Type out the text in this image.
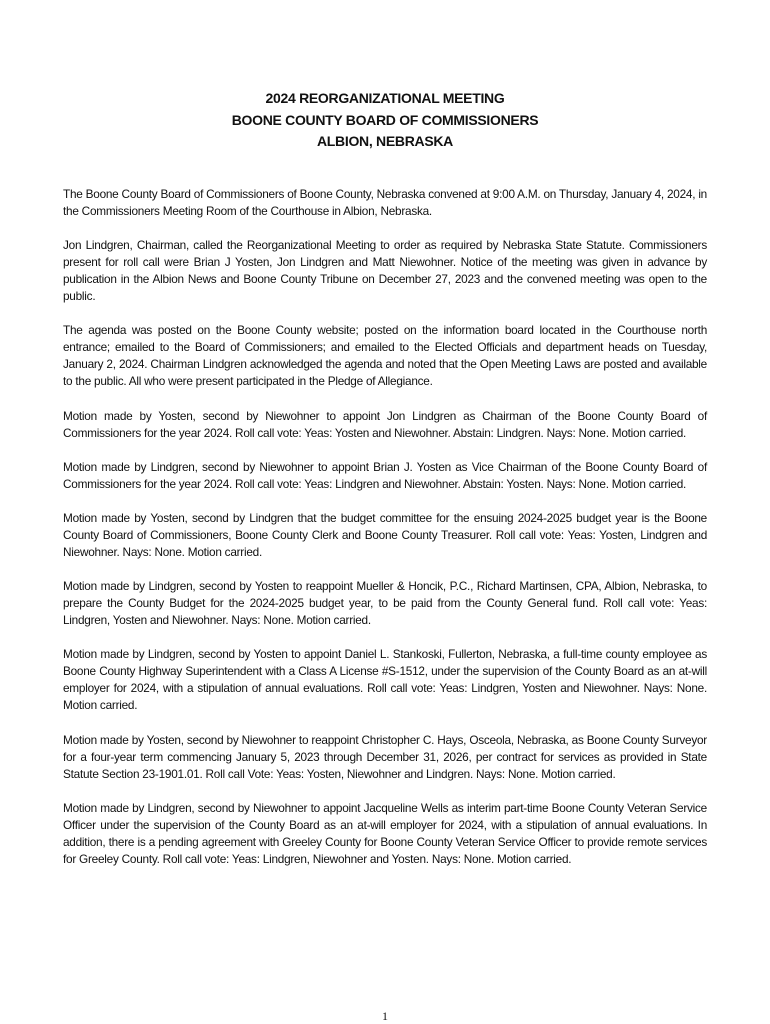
2024 REORGANIZATIONAL MEETING
BOONE COUNTY BOARD OF COMMISSIONERS
ALBION, NEBRASKA

The Boone County Board of Commissioners of Boone County, Nebraska convened at 9:00 A.M. on Thursday, January 4, 2024, in the Commissioners Meeting Room of the Courthouse in Albion, Nebraska.

Jon Lindgren, Chairman, called the Reorganizational Meeting to order as required by Nebraska State Statute. Commissioners present for roll call were Brian J Yosten, Jon Lindgren and Matt Niewohner. Notice of the meeting was given in advance by publication in the Albion News and Boone County Tribune on December 27, 2023 and the convened meeting was open to the public.

The agenda was posted on the Boone County website; posted on the information board located in the Courthouse north entrance; emailed to the Board of Commissioners; and emailed to the Elected Officials and department heads on Tuesday, January 2, 2024. Chairman Lindgren acknowledged the agenda and noted that the Open Meeting Laws are posted and available to the public. All who were present participated in the Pledge of Allegiance.

Motion made by Yosten, second by Niewohner to appoint Jon Lindgren as Chairman of the Boone County Board of Commissioners for the year 2024. Roll call vote: Yeas: Yosten and Niewohner. Abstain: Lindgren. Nays: None. Motion carried.

Motion made by Lindgren, second by Niewohner to appoint Brian J. Yosten as Vice Chairman of the Boone County Board of Commissioners for the year 2024. Roll call vote: Yeas: Lindgren and Niewohner. Abstain: Yosten. Nays: None. Motion carried.

Motion made by Yosten, second by Lindgren that the budget committee for the ensuing 2024-2025 budget year is the Boone County Board of Commissioners, Boone County Clerk and Boone County Treasurer. Roll call vote: Yeas: Yosten, Lindgren and Niewohner. Nays: None. Motion carried.

Motion made by Lindgren, second by Yosten to reappoint Mueller & Honcik, P.C., Richard Martinsen, CPA, Albion, Nebraska, to prepare the County Budget for the 2024-2025 budget year, to be paid from the County General fund. Roll call vote: Yeas: Lindgren, Yosten and Niewohner. Nays: None. Motion carried.

Motion made by Lindgren, second by Yosten to appoint Daniel L. Stankoski, Fullerton, Nebraska, a full-time county employee as Boone County Highway Superintendent with a Class A License #S-1512, under the supervision of the County Board as an at-will employer for 2024, with a stipulation of annual evaluations. Roll call vote: Yeas: Lindgren, Yosten and Niewohner. Nays: None. Motion carried.

Motion made by Yosten, second by Niewohner to reappoint Christopher C. Hays, Osceola, Nebraska, as Boone County Surveyor for a four-year term commencing January 5, 2023 through December 31, 2026, per contract for services as provided in State Statute Section 23-1901.01. Roll call Vote: Yeas: Yosten, Niewohner and Lindgren. Nays: None. Motion carried.

Motion made by Lindgren, second by Niewohner to appoint Jacqueline Wells as interim part-time Boone County Veteran Service Officer under the supervision of the County Board as an at-will employer for 2024, with a stipulation of annual evaluations. In addition, there is a pending agreement with Greeley County for Boone County Veteran Service Officer to provide remote services for Greeley County. Roll call vote: Yeas: Lindgren, Niewohner and Yosten. Nays: None. Motion carried.

1
